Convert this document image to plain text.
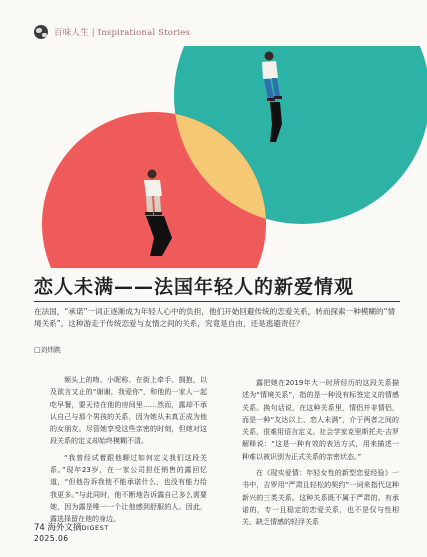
百味人生 | Inspirational Stories
恋人未满——法国年轻人的新爱情观
在法国，“承诺”一词正逐渐成为年轻人心中的负担，他们开始回避传统的恋爱关系，转而探索一种模糊的“情境关系”。这种游走于传统恋爱与友情之间的关系，究竟是自由，还是逃避责任？
□刘炜跳

频头上的吻、小昵称、在街上牵手、拥抱，以及欲言又止的“谢谢，我爱你”，和他的一家人一起吃早餐，要天待在他的房间里……然而，露却不承认自己与那个男孩的关系，因为她从未真正成为他的女朋友。尽管她享受这些亲密的时刻，但她对这段关系的定义却始终模糊不清。

“我曾经试着跟他聊过如何定义我们这段关系。”现年23岁，在一家公司担任销售的露回忆道，“但他告诉我他不能承诺什么，也没有能力给我更多。”与此同时，他不断地告诉露自己多么需要她，因为露是唯一一个让他感到舒服的人。因此，露选择留在他的身边。

露把她在2019年大一时所经历的这段关系描述为“情境关系”，指的是一种没有标签定义的情感关系。换句话说，在这种关系里，情侣并非情侣，而是一种“友达以上、恋人未满”，介于两者之间的关系，很难用语言定义。社会学家克里斯托夫·吉罗解释说：“这是一种有效的表达方式，用来描述一种难以被识别为正式关系的亲密状态。”

在《现实爱情：年轻女性的新型恋爱经验》一书中，吉罗用“严肃且轻松的契约”一词来指代这种新兴的三类关系。这种关系既不属于严肃的、有承诺的，专一且稳定的恋爱关系，也不是仅与性相关、缺乏情感的轻浮关系

74 海外文摘DIGEST
2025.06
